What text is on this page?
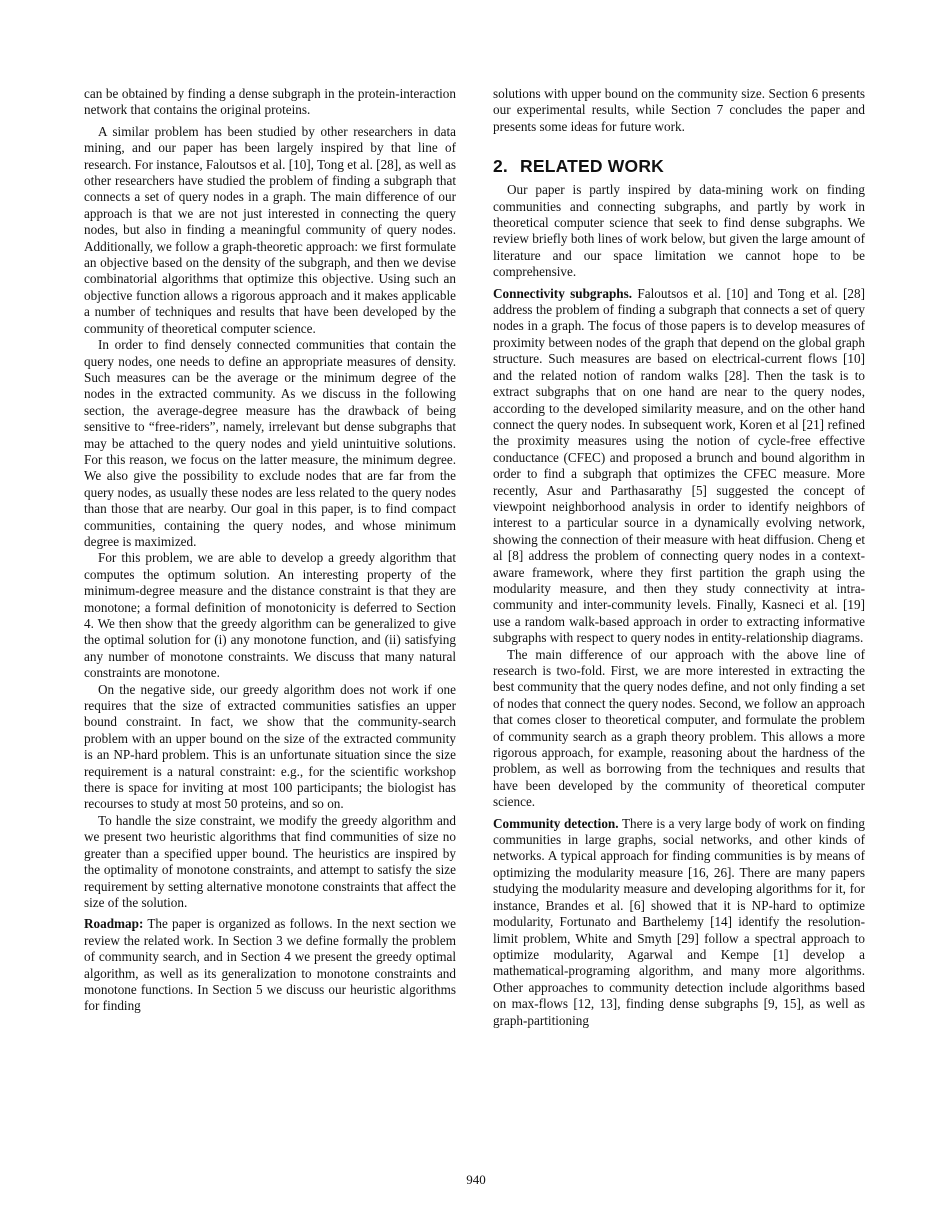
can be obtained by finding a dense subgraph in the protein-interaction network that contains the original proteins.

A similar problem has been studied by other researchers in data mining, and our paper has been largely inspired by that line of research. For instance, Faloutsos et al. [10], Tong et al. [28], as well as other researchers have studied the problem of finding a subgraph that connects a set of query nodes in a graph. The main difference of our approach is that we are not just interested in connecting the query nodes, but also in finding a meaningful community of query nodes. Additionally, we follow a graph-theoretic approach: we first formulate an objective based on the density of the subgraph, and then we devise combinatorial algorithms that optimize this objective. Using such an objective function allows a rigorous approach and it makes applicable a number of techniques and results that have been developed by the community of theoretical computer science.

In order to find densely connected communities that contain the query nodes, one needs to define an appropriate measures of density. Such measures can be the average or the minimum degree of the nodes in the extracted community. As we discuss in the following section, the average-degree measure has the drawback of being sensitive to “free-riders”, namely, irrelevant but dense subgraphs that may be attached to the query nodes and yield unintuitive solutions. For this reason, we focus on the latter measure, the minimum degree. We also give the possibility to exclude nodes that are far from the query nodes, as usually these nodes are less related to the query nodes than those that are nearby. Our goal in this paper, is to find compact communities, containing the query nodes, and whose minimum degree is maximized.

For this problem, we are able to develop a greedy algorithm that computes the optimum solution. An interesting property of the minimum-degree measure and the distance constraint is that they are monotone; a formal definition of monotonicity is deferred to Section 4. We then show that the greedy algorithm can be generalized to give the optimal solution for (i) any monotone function, and (ii) satisfying any number of monotone constraints. We discuss that many natural constraints are monotone.

On the negative side, our greedy algorithm does not work if one requires that the size of extracted communities satisfies an upper bound constraint. In fact, we show that the community-search problem with an upper bound on the size of the extracted community is an NP-hard problem. This is an unfortunate situation since the size requirement is a natural constraint: e.g., for the scientific workshop there is space for inviting at most 100 participants; the biologist has recourses to study at most 50 proteins, and so on.

To handle the size constraint, we modify the greedy algorithm and we present two heuristic algorithms that find communities of size no greater than a specified upper bound. The heuristics are inspired by the optimality of monotone constraints, and attempt to satisfy the size requirement by setting alternative monotone constraints that affect the size of the solution.

Roadmap: The paper is organized as follows. In the next section we review the related work. In Section 3 we define formally the problem of community search, and in Section 4 we present the greedy optimal algorithm, as well as its generalization to monotone constraints and monotone functions. In Section 5 we discuss our heuristic algorithms for finding

solutions with upper bound on the community size. Section 6 presents our experimental results, while Section 7 concludes the paper and presents some ideas for future work.

2. RELATED WORK

Our paper is partly inspired by data-mining work on finding communities and connecting subgraphs, and partly by work in theoretical computer science that seek to find dense subgraphs. We review briefly both lines of work below, but given the large amount of literature and our space limitation we cannot hope to be comprehensive.

Connectivity subgraphs. Faloutsos et al. [10] and Tong et al. [28] address the problem of finding a subgraph that connects a set of query nodes in a graph. The focus of those papers is to develop measures of proximity between nodes of the graph that depend on the global graph structure. Such measures are based on electrical-current flows [10] and the related notion of random walks [28]. Then the task is to extract subgraphs that on one hand are near to the query nodes, according to the developed similarity measure, and on the other hand connect the query nodes. In subsequent work, Koren et al [21] refined the proximity measures using the notion of cycle-free effective conductance (CFEC) and proposed a brunch and bound algorithm in order to find a subgraph that optimizes the CFEC measure. More recently, Asur and Parthasarathy [5] suggested the concept of viewpoint neighborhood analysis in order to identify neighbors of interest to a particular source in a dynamically evolving network, showing the connection of their measure with heat diffusion. Cheng et al [8] address the problem of connecting query nodes in a context-aware framework, where they first partition the graph using the modularity measure, and then they study connectivity at intra-community and inter-community levels. Finally, Kasneci et al. [19] use a random walk-based approach in order to extracting informative subgraphs with respect to query nodes in entity-relationship diagrams.

The main difference of our approach with the above line of research is two-fold. First, we are more interested in extracting the best community that the query nodes define, and not only finding a set of nodes that connect the query nodes. Second, we follow an approach that comes closer to theoretical computer, and formulate the problem of community search as a graph theory problem. This allows a more rigorous approach, for example, reasoning about the hardness of the problem, as well as borrowing from the techniques and results that have been developed by the community of theoretical computer science.

Community detection. There is a very large body of work on finding communities in large graphs, social networks, and other kinds of networks. A typical approach for finding communities is by means of optimizing the modularity measure [16, 26]. There are many papers studying the modularity measure and developing algorithms for it, for instance, Brandes et al. [6] showed that it is NP-hard to optimize modularity, Fortunato and Barthelemy [14] identify the resolution-limit problem, White and Smyth [29] follow a spectral approach to optimize modularity, Agarwal and Kempe [1] develop a mathematical-programing algorithm, and many more algorithms. Other approaches to community detection include algorithms based on max-flows [12, 13], finding dense subgraphs [9, 15], as well as graph-partitioning

940
